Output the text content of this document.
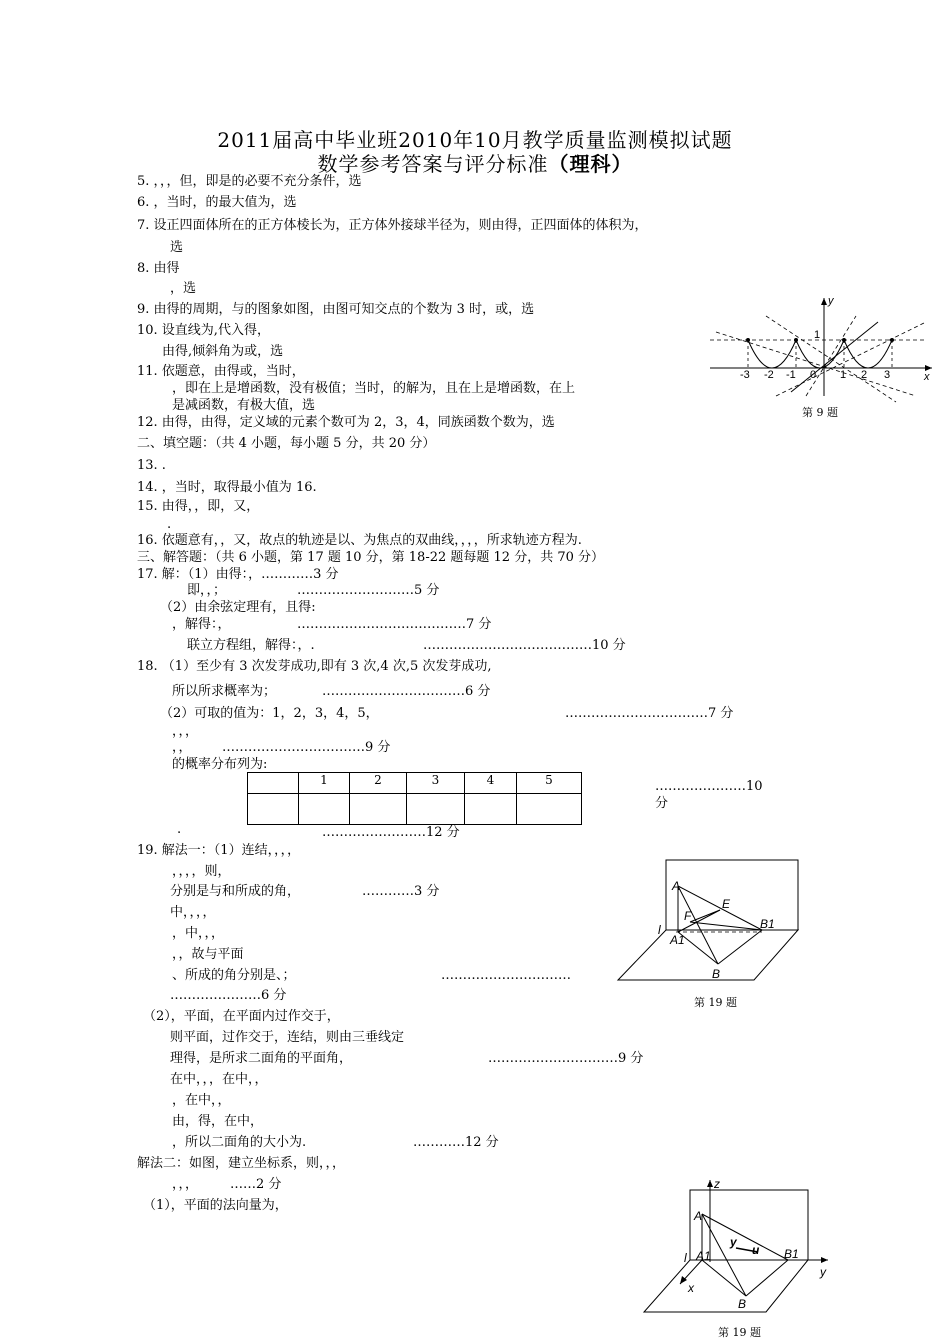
2011届高中毕业班2010年10月教学质量监测模拟试题
数学参考答案与评分标准（理科）
5. ，，，但，即是的必要不充分条件，选
6. ，当时，的最大值为，选
7. 设正四面体所在的正方体棱长为，正方体外接球半径为，则由得，正四面体的体积为，
选
8. 由得
，选
9. 由得的周期，与的图象如图，由图可知交点的个数为 3 时，或，选
10. 设直线为,代入得，
由得,倾斜角为或，选
11. 依题意，由得或，当时，
，即在上是增函数，没有极值；当时，的解为，且在上是增函数，在上
是减函数，有极大值，选
12. 由得，由得，定义域的元素个数可为 2，3，4，同族函数个数为，选
二、填空题：（共 4 小题，每小题 5 分，共 20 分）
13. .
14. ，当时，取得最小值为 16.
15. 由得，，即，又，
.
16. 依题意有，，又，故点的轨迹是以、为焦点的双曲线，，，，所求轨迹方程为.
三、解答题：（共 6 小题，第 17 题 10 分，第 18-22 题每题 12 分，共 70 分）
17. 解：（1）由得：，…………3 分
即，，；	………………………5 分
（2）由余弦定理有，且得:
，解得：，	…………………………………7 分
联立方程组，解得：，.	…………………………………10 分
18. （1）至少有 3 次发芽成功,即有 3 次,4 次,5 次发芽成功,
所以所求概率为；	……………………………6 分
（2）可取的值为：1，2，3，4，5，	……………………………7 分
，，，
，， ……………………………9 分
的概率分布列为:
	1	2	3	4	5
						…………………10
分
.	……………………12 分
19. 解法一：（1）连结，，，，
，，，，则，
分别是与和所成的角，	…………3 分
中，，，，
，中，，，
，，故与平面
、所成的角分别是、；	…………………………
…………………6 分
（2），平面，在平面内过作交于，
则平面，过作交于，连结，则由三垂线定
理得，是所求二面角的平面角，	…………………………9 分
在中，，，在中，，
，在中，，
由，得，在中，
，所以二面角的大小为.	…………12 分
解法二：如图，建立坐标系，则，，，
，，， ……2 分
（1），平面的法向量为，
y
x
1
0
-3 -2 -1	1 2 3
第 9 题
A
E
F
l
A1
B1
B
第 19 题
z
A
y
u
l A1	B1
y
x
B
第 19 题
